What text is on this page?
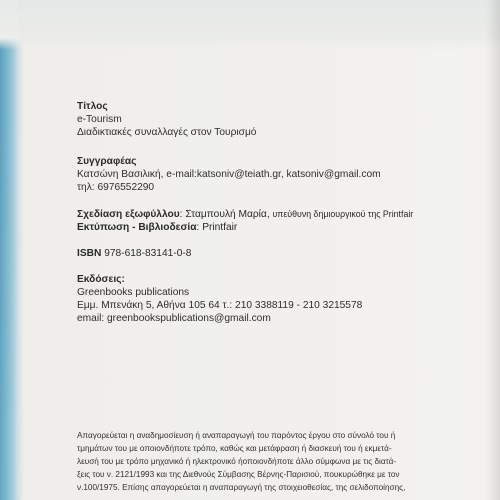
Τίτλος
e-Tourism
Διαδικτιακές συναλλαγές στον Τουρισμό
Συγγραφέας
Κατσώνη Βασιλική, e-mail:katsoniv@teiath.gr, katsoniv@gmail.com
τηλ: 6976552290
Σχεδίαση εξωφύλλου: Σταμπουλή Μαρία, υπεύθυνη δημιουργικού της Printfair
Εκτύπωση - Βιβλιοδεσία: Printfair
ISBN 978-618-83141-0-8
Εκδόσεις:
Greenbooks publications
Εμμ. Μπενάκη 5, Αθήνα 105 64 τ.: 210 3388119 - 210 3215578
email: greenbookspublications@gmail.com
Απαγορεύεται η αναδημοσίευση ή αναπαραγωγή του παρόντος έργου στο σύνολό του ή
τμημάτων του με οποιονδήποτε τρόπο, καθώς και μετάφραση ή διασκευή του ή εκμετά-
λευσή του με τρόπο μηχανικό ή ηλεκτρονικό ήοποιονδήποτε άλλο σύμφωνα με τις διατά-
ξεις του ν. 2121/1993 και της Διεθνούς Σύμβασης Βέρνης-Παρισιού, πουκυρώθηκε με τον
ν.100/1975. Επίσης απαγορεύεται η αναπαραγωγή της στοιχειοθεσίας, της σελιδοποίησης,
